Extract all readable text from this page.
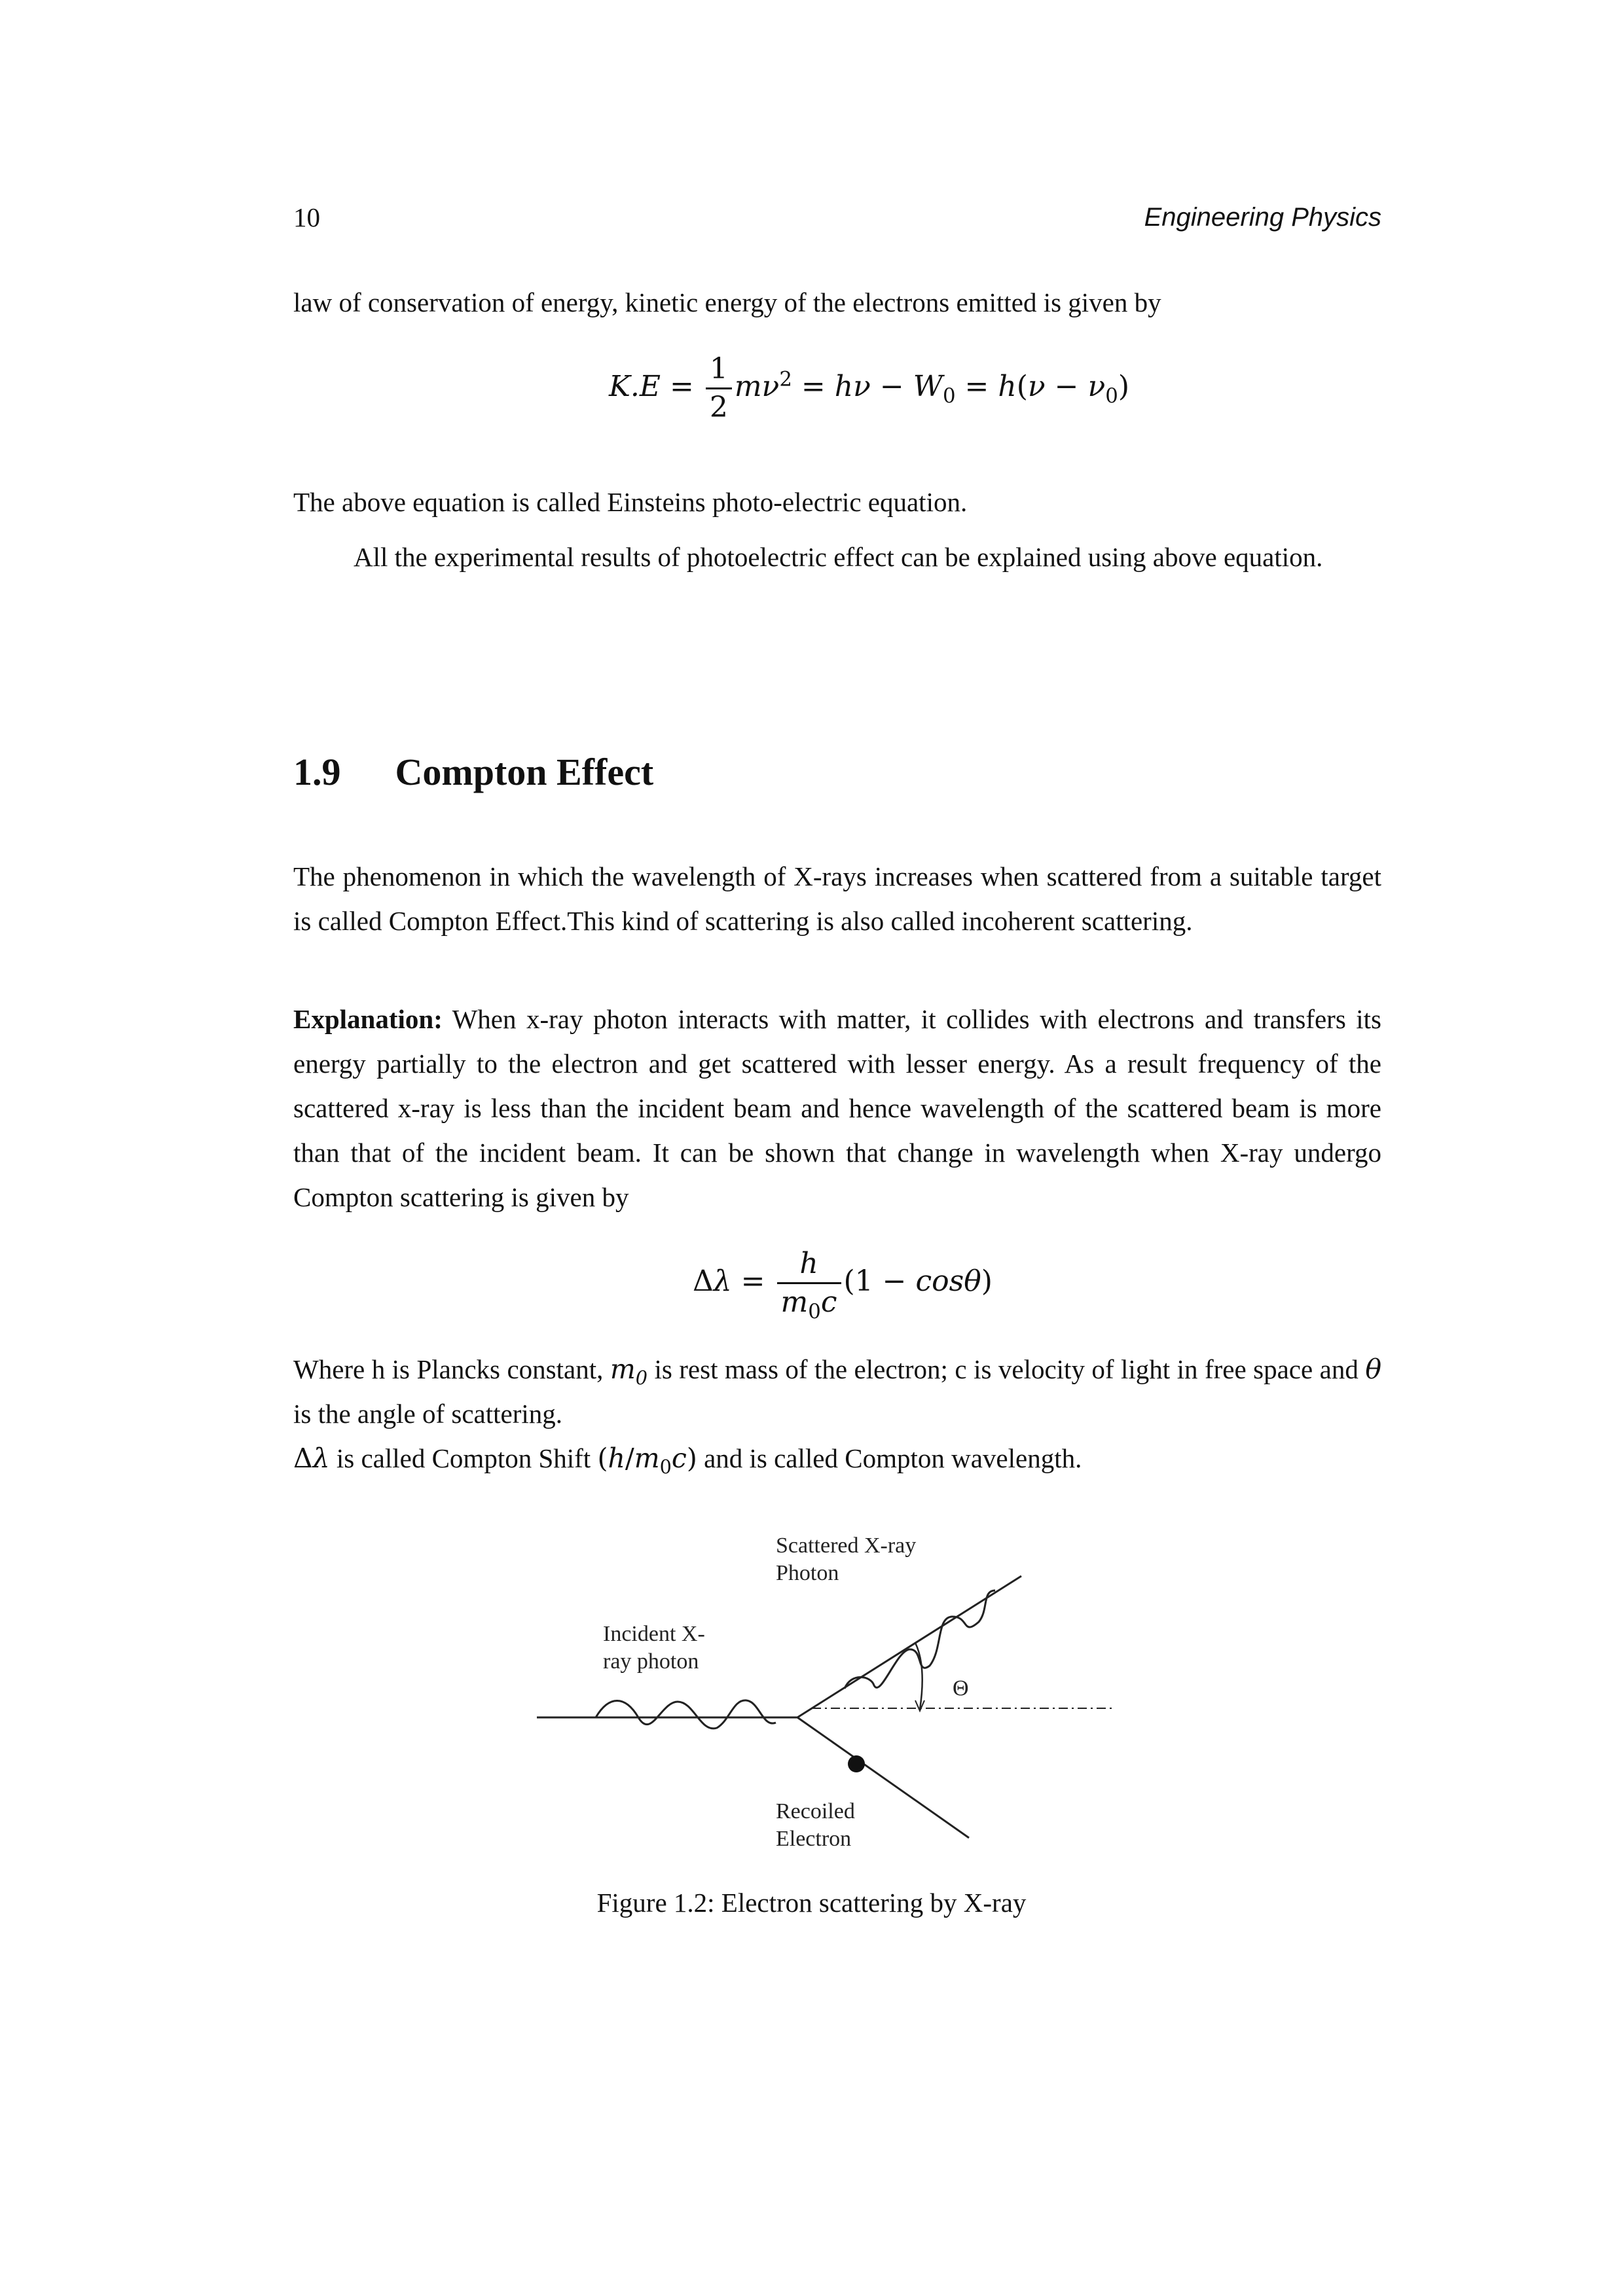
10	Engineering Physics

law of conservation of energy, kinetic energy of the electrons emitted is given by

$K.E = \frac{1}{2} m\nu^2 = h\nu - W_0 = h(\nu - \nu_0)$

The above equation is called Einsteins photo-electric equation.

All the experimental results of photoelectric effect can be explained using above equation.

1.9 Compton Effect

The phenomenon in which the wavelength of X-rays increases when scattered from a suitable target is called Compton Effect.This kind of scattering is also called incoherent scattering.

Explanation: When x-ray photon interacts with matter, it collides with electrons and transfers its energy partially to the electron and get scattered with lesser energy. As a result frequency of the scattered x-ray is less than the incident beam and hence wavelength of the scattered beam is more than that of the incident beam. It can be shown that change in wavelength when X-ray undergo Compton scattering is given by

$\Delta\lambda = \frac{h}{m_0c} (1 - \cos\theta)$

Where h is Plancks constant, $m_0$ is rest mass of the electron; c is velocity of light in free space and θ is the angle of scattering.

Δλ is called Compton Shift $(h/m_0c)$ and is called Compton wavelength.

Scattered X-ray
Photon
Incident X-
ray photon
Θ
Recoiled
Electron
Figure 1.2: Electron scattering by X-ray
